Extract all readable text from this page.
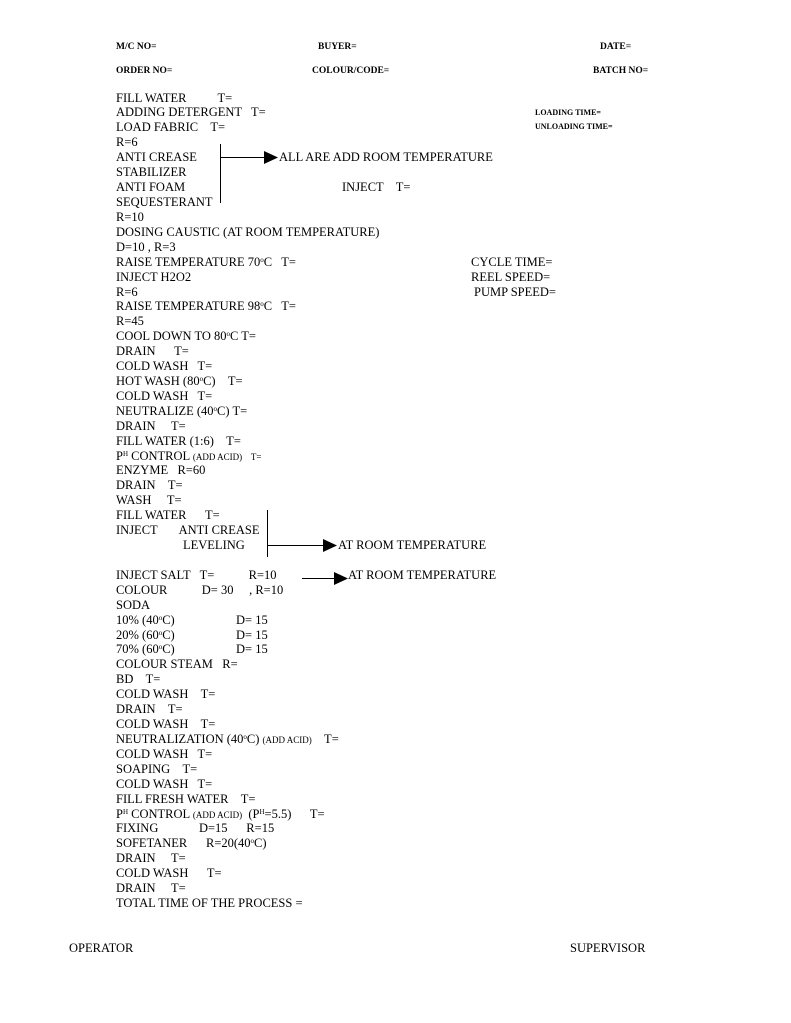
M/C NO=	BUYER=	DATE=
ORDER NO=	COLOUR/CODE=	BATCH NO=
LOADING TIME=
UNLOADING TIME=
CYCLE TIME=
REEL SPEED=
PUMP SPEED=
ALL ARE ADD ROOM TEMPERATURE
INJECT    T=
AT ROOM TEMPERATURE
AT ROOM TEMPERATURE
FILL WATER          T=
ADDING DETERGENT   T=
LOAD FABRIC    T=
R=6
ANTI CREASE
STABILIZER
ANTI FOAM
SEQUESTERANT
R=10
DOSING CAUSTIC (AT ROOM TEMPERATURE)
D=10 , R=3
RAISE TEMPERATURE 70$^o$C   T=
INJECT H2O2
R=6
RAISE TEMPERATURE 98$^o$C   T=
R=45
COOL DOWN TO 80$^o$C T=
DRAIN      T=
COLD WASH   T=
HOT WASH (80$^o$C)    T=
COLD WASH   T=
NEUTRALIZE (40$^o$C) T=
DRAIN     T=
FILL WATER (1:6)    T=
$P^H$ CONTROL (ADD ACID)    T=
ENZYME   R=60
DRAIN    T=
WASH     T=
FILL WATER      T=
INJECT       ANTI CREASE
LEVELING
INJECT SALT   T=           R=10
COLOUR           D= 30     , R=10
SODA
10% (40$^o$C)	D= 15
20% (60$^o$C)	D= 15
70% (60$^o$C)	D= 15
COLOUR STEAM   R=
BD    T=
COLD WASH    T=
DRAIN    T=
COLD WASH    T=
NEUTRALIZATION (40$^o$C) (ADD ACID)    T=
COLD WASH   T=
SOAPING    T=
COLD WASH   T=
FILL FRESH WATER    T=
$P^H$ CONTROL (ADD ACID)  $(P^H=5.5)$      T=
FIXING             D=15      R=15
SOFETANER      $R=20(40^oC)$
DRAIN     T=
COLD WASH      T=
DRAIN     T=
TOTAL TIME OF THE PROCESS =
OPERATOR	SUPERVISOR
